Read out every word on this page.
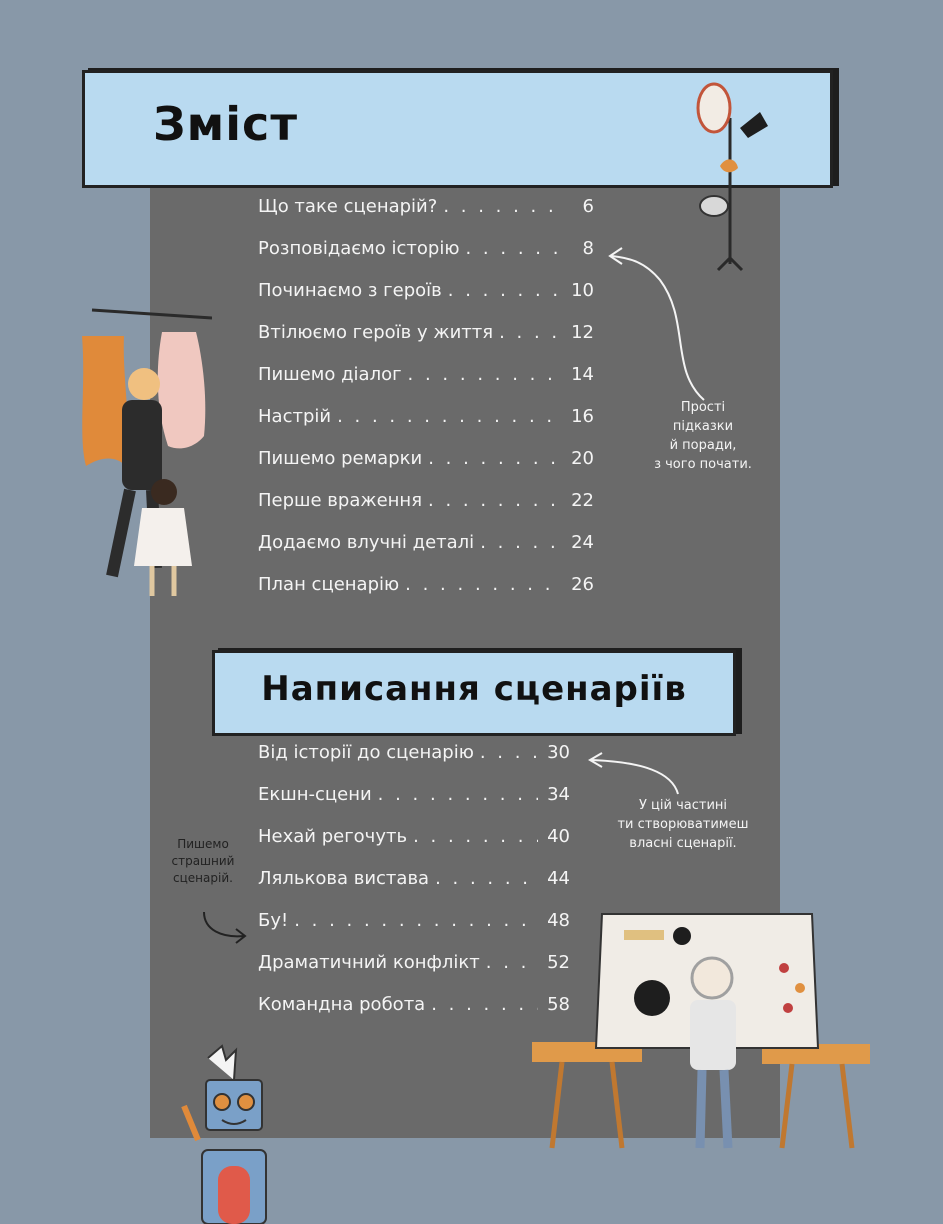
Зміст
Написання сценаріїв
Що таке сценарій? . . .	6
Розповідаємо історію . . .	8
Починаємо з героїв . . .	10
Втілюємо героїв у життя . . .	12
Пишемо діалог . . .	14
Настрій . . .	16
Пишемо ремарки . . .	20
Перше враження . . .	22
Додаємо влучні деталі . . .	24
План сценарію . . .	26
Від історії до сценарію . . .	30
Екшн-сцени . . .	34
Нехай регочуть . . .	40
Лялькова вистава . . .	44
Бу! . . .	48
Драматичний конфлікт . . .	52
Командна робота . . .	58
Прості
підказки
й поради,
з чого почати.
У цій частині
ти створюватимеш
власні сценарії.
Пишемо
страшний
сценарій.
